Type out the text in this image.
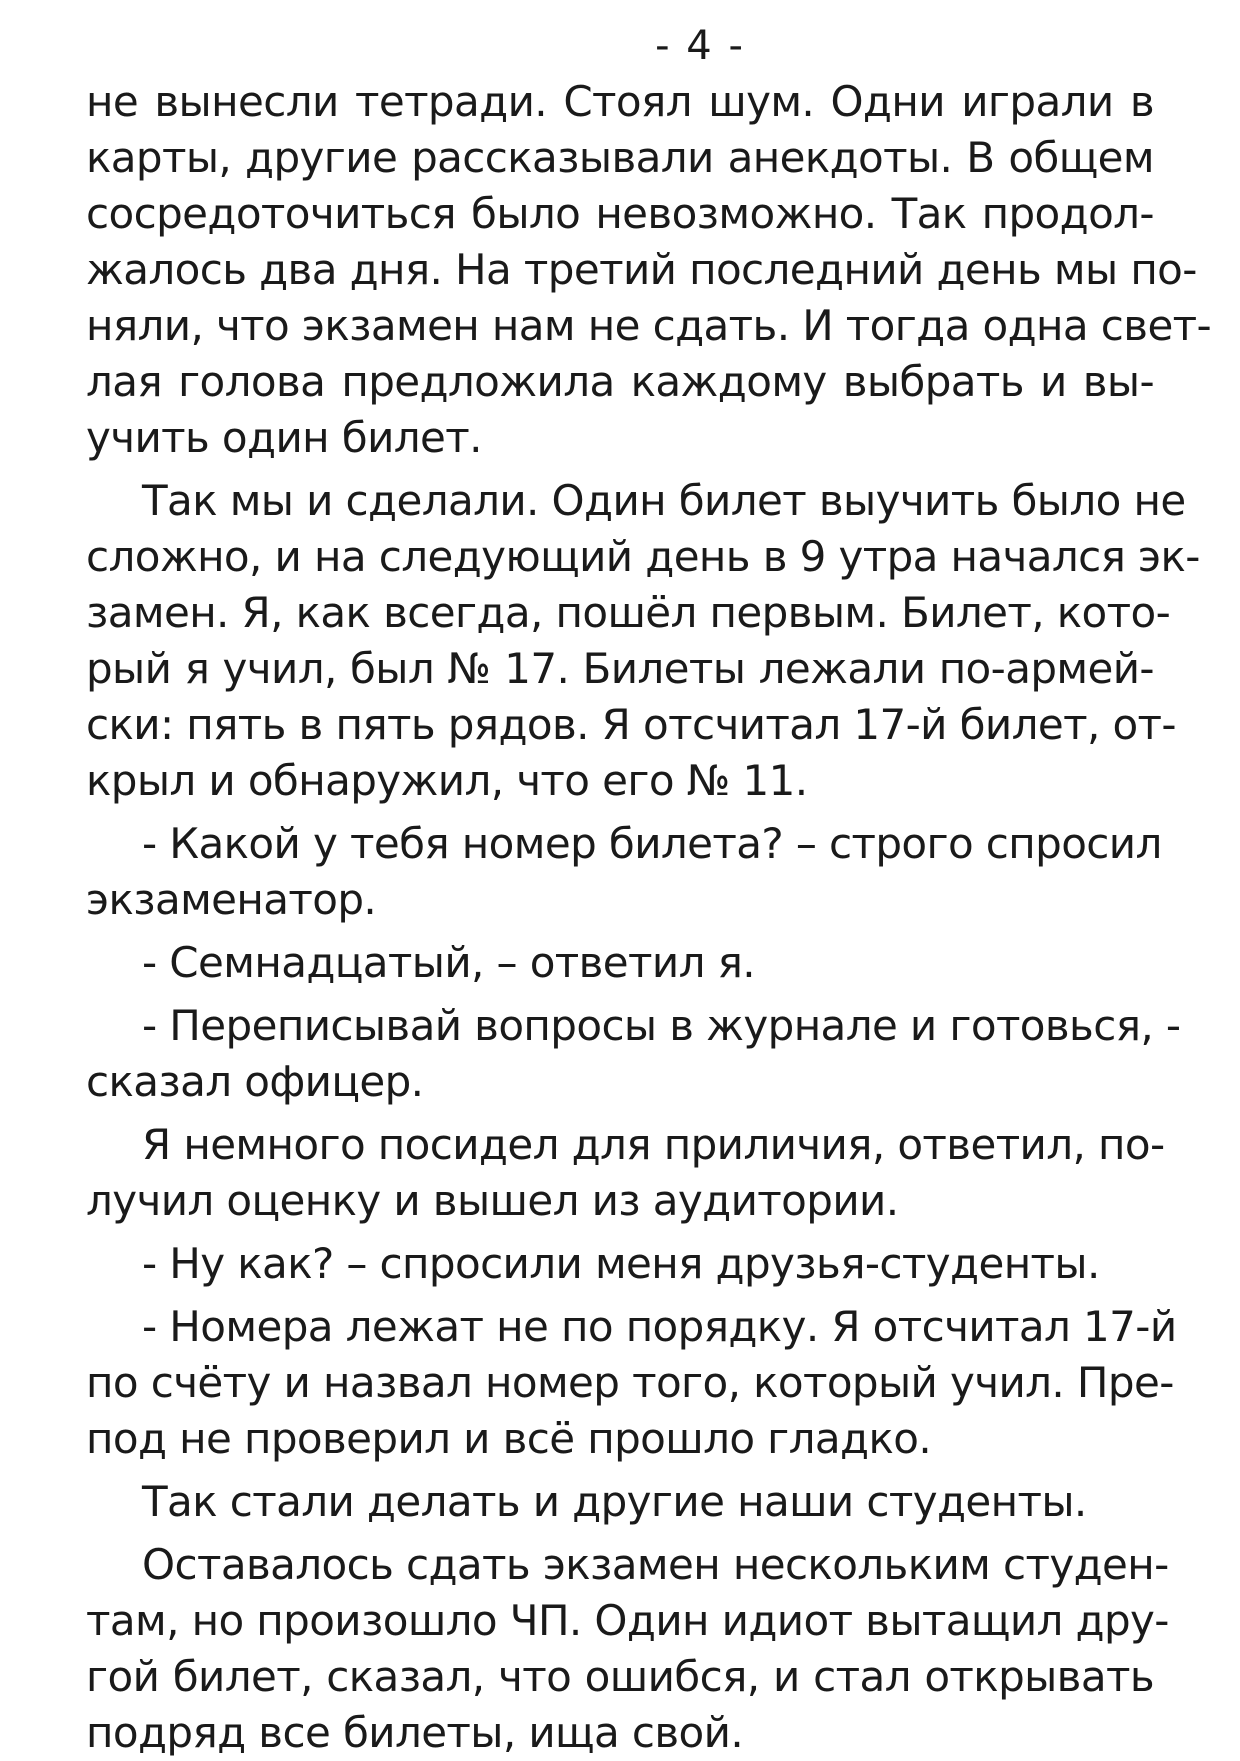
- 4 -
не вынесли тетради. Стоял шум. Одни играли в
карты, другие рассказывали анекдоты. В общем
сосредоточиться было невозможно. Так продол-
жалось два дня. На третий последний день мы по-
няли, что экзамен нам не сдать. И тогда одна свет-
лая голова предложила каждому выбрать и вы-
учить один билет.
Так мы и сделали. Один билет выучить было не
сложно, и на следующий день в 9 утра начался эк-
замен. Я, как всегда, пошёл первым. Билет, кото-
рый я учил, был № 17. Билеты лежали по-армей-
ски: пять в пять рядов. Я отсчитал 17-й билет, от-
крыл и обнаружил, что его № 11.
- Какой у тебя номер билета? – строго спросил
экзаменатор.
- Семнадцатый, – ответил я.
- Переписывай вопросы в журнале и готовься, -
сказал офицер.
Я немного посидел для приличия, ответил, по-
лучил оценку и вышел из аудитории.
- Ну как? – спросили меня друзья-студенты.
- Номера лежат не по порядку. Я отсчитал 17-й
по счёту и назвал номер того, который учил. Пре-
под не проверил и всё прошло гладко.
Так стали делать и другие наши студенты.
Оставалось сдать экзамен нескольким студен-
там, но произошло ЧП. Один идиот вытащил дру-
гой билет, сказал, что ошибся, и стал открывать
подряд все билеты, ища свой.
